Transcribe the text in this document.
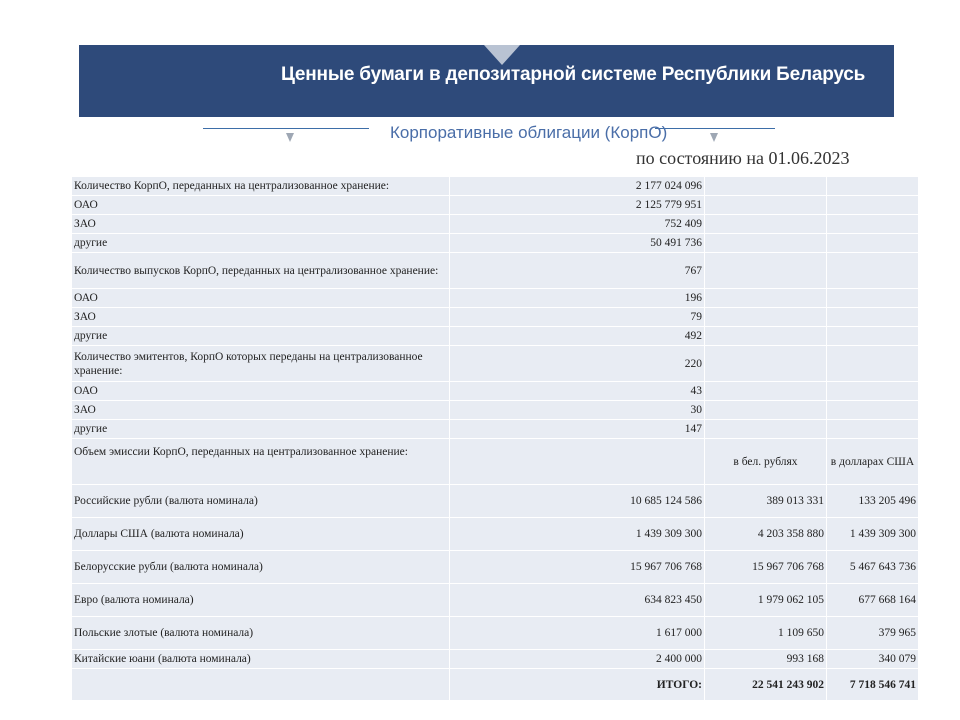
Ценные бумаги в депозитарной системе Республики Беларусь
Корпоративные облигации (КорпО)
по состоянию на 01.06.2023
Количество КорпО, переданных на централизованное хранение:	2 177 024 096		
ОАО	2 125 779 951		
ЗАО	752 409		
другие	50 491 736		
Количество выпусков КорпО, переданных на централизованное хранение:	767		
ОАО	196		
ЗАО	79		
другие	492		
Количество эмитентов, КорпО которых переданы на централизованное хранение:	220		
ОАО	43		
ЗАО	30		
другие	147		
Объем эмиссии КорпО, переданных на централизованное хранение:		в бел. рублях	в долларах США
Российские рубли (валюта номинала)	10 685 124 586	389 013 331	133 205 496
Доллары США (валюта номинала)	1 439 309 300	4 203 358 880	1 439 309 300
Белорусские рубли (валюта номинала)	15 967 706 768	15 967 706 768	5 467 643 736
Евро (валюта номинала)	634 823 450	1 979 062 105	677 668 164
Польские злотые (валюта номинала)	1 617 000	1 109 650	379 965
Китайские юани (валюта номинала)	2 400 000	993 168	340 079
	ИТОГО:	22 541 243 902	7 718 546 741
